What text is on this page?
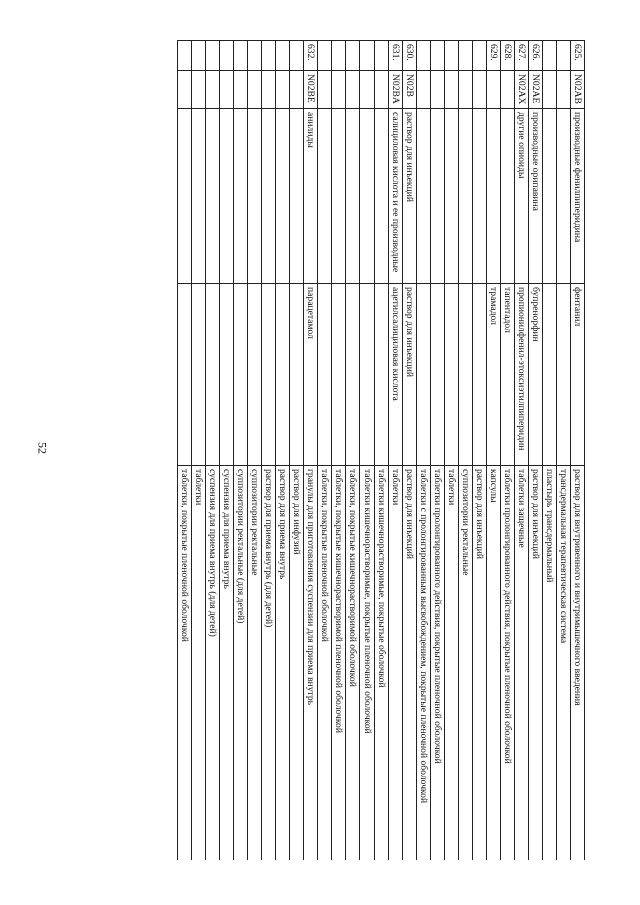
52
625.	N02AB	производные фенилпиперидина	фентанил	раствор для внутривенного и внутримышечного введения
				трансдермальная терапевтическая система
				пластырь трансдермальный
626.	N02AE	производные орипавина	бупренорфин	раствор для инъекций
627.	N02AX	другие опиоиды	пропионилфенил-этоксиэтилпиперидин	таблетки защечные
628.			тапентадол	таблетки пролонгированного действия, покрытые пленочной оболочкой
629.			трамадол	капсулы
				раствор для инъекций
				суппозитории ректальные
				таблетки
				таблетки пролонгированного действия, покрытые пленочной оболочкой
				таблетки с пролонгированным высвобождением, покрытые пленочной оболочкой
630.	N02B	раствор для инъекций	раствор для инъекций	раствор для инъекций
631.	N02BA	салициловая кислота и ее производные	ацетилсалициловая кислота	таблетки
				таблетки кишечнорастворимые, покрытые оболочкой
				таблетки кишечнорастворимые, покрытые пленочной оболочкой
				таблетки, покрытые кишечнорастворимой оболочкой
				таблетки, покрытые кишечнорастворимой пленочной оболочкой
				таблетки, покрытые пленочной оболочкой
632.	N02BE	анилиды	парацетамол	гранулы для приготовления суспензии для приема внутрь
				раствор для инфузий
				раствор для приема внутрь
				раствор для приема внутрь (для детей)
				суппозитории ректальные
				суппозитории ректальные (для детей)
				суспензия для приема внутрь
				суспензия для приема внутрь (для детей)
				таблетки
				таблетки, покрытые пленочной оболочкой
